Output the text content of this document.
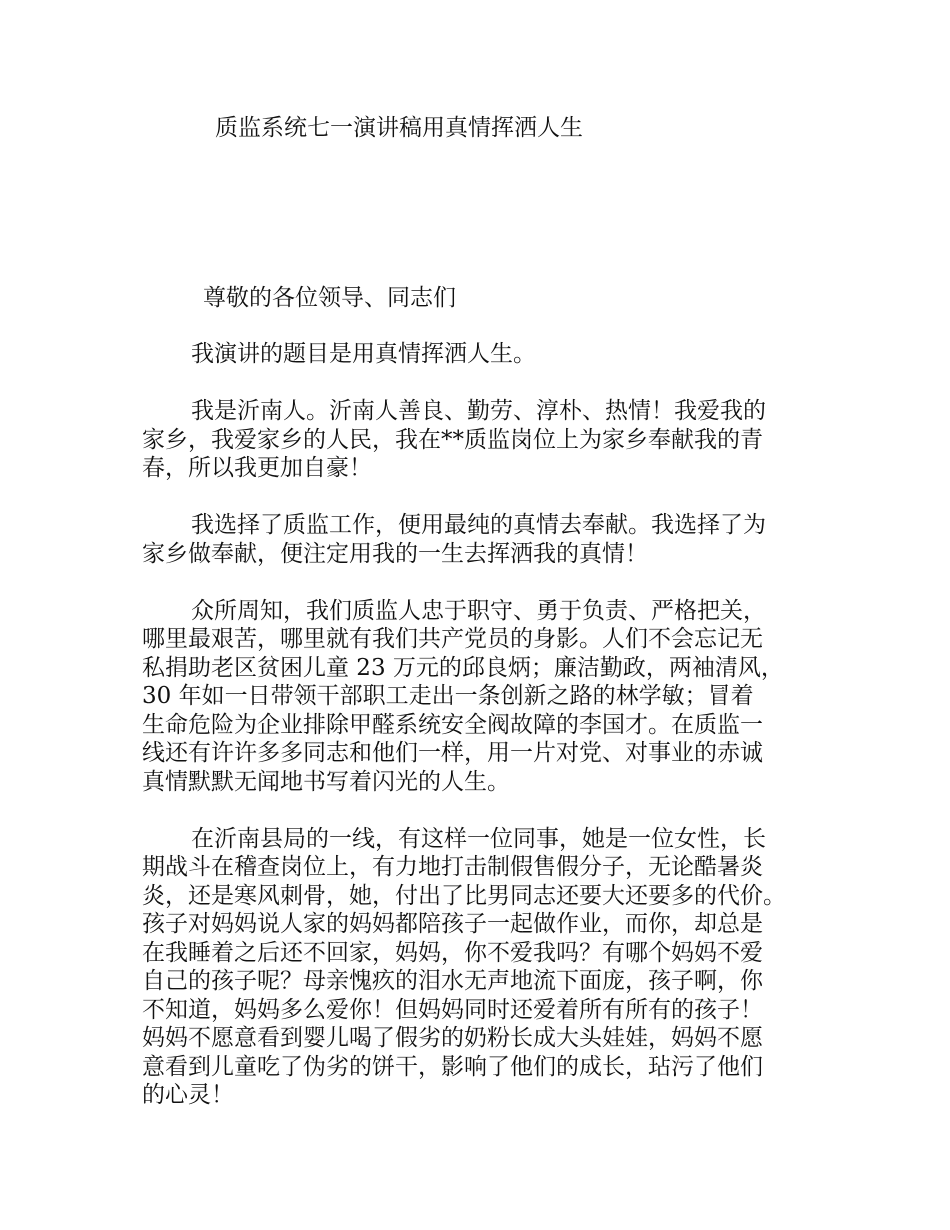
质监系统七一演讲稿用真情挥洒人生

尊敬的各位领导、同志们

我演讲的题目是用真情挥洒人生。

我是沂南人。沂南人善良、勤劳、淳朴、热情！我爱我的
家乡，我爱家乡的人民，我在**质监岗位上为家乡奉献我的青
春，所以我更加自豪！

我选择了质监工作，便用最纯的真情去奉献。我选择了为
家乡做奉献，便注定用我的一生去挥洒我的真情！

众所周知，我们质监人忠于职守、勇于负责、严格把关，
哪里最艰苦，哪里就有我们共产党员的身影。人们不会忘记无
私捐助老区贫困儿童 23 万元的邱良炳；廉洁勤政，两袖清风，
30 年如一日带领干部职工走出一条创新之路的林学敏；冒着
生命危险为企业排除甲醛系统安全阀故障的李国才。在质监一
线还有许许多多同志和他们一样，用一片对党、对事业的赤诚
真情默默无闻地书写着闪光的人生。

在沂南县局的一线，有这样一位同事，她是一位女性，长
期战斗在稽查岗位上，有力地打击制假售假分子，无论酷暑炎
炎，还是寒风刺骨，她，付出了比男同志还要大还要多的代价。
孩子对妈妈说人家的妈妈都陪孩子一起做作业，而你，却总是
在我睡着之后还不回家，妈妈，你不爱我吗？有哪个妈妈不爱
自己的孩子呢？母亲愧疚的泪水无声地流下面庞，孩子啊，你
不知道，妈妈多么爱你！但妈妈同时还爱着所有所有的孩子！
妈妈不愿意看到婴儿喝了假劣的奶粉长成大头娃娃，妈妈不愿
意看到儿童吃了伪劣的饼干，影响了他们的成长，玷污了他们
的心灵！
